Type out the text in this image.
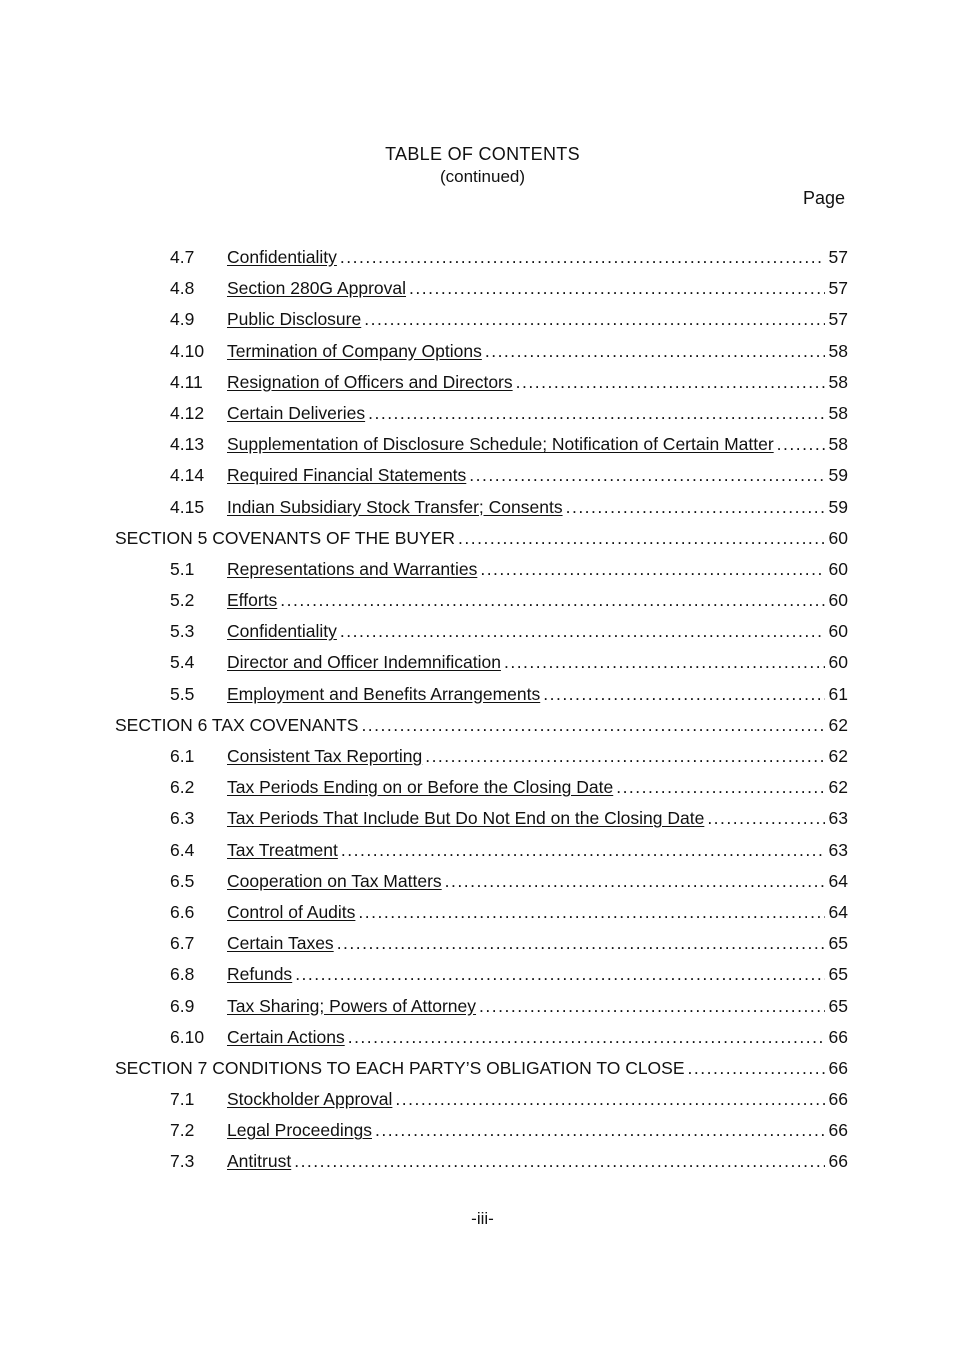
TABLE OF CONTENTS
(continued)
Page
4.7	Confidentiality .....	57
4.8	Section 280G Approval .....	57
4.9	Public Disclosure .....	57
4.10	Termination of Company Options .....	58
4.11	Resignation of Officers and Directors .....	58
4.12	Certain Deliveries .....	58
4.13	Supplementation of Disclosure Schedule; Notification of Certain Matter .....	58
4.14	Required Financial Statements .....	59
4.15	Indian Subsidiary Stock Transfer; Consents .....	59
SECTION 5 COVENANTS OF THE BUYER .....	60
5.1	Representations and Warranties .....	60
5.2	Efforts .....	60
5.3	Confidentiality .....	60
5.4	Director and Officer Indemnification .....	60
5.5	Employment and Benefits Arrangements .....	61
SECTION 6 TAX COVENANTS .....	62
6.1	Consistent Tax Reporting .....	62
6.2	Tax Periods Ending on or Before the Closing Date .....	62
6.3	Tax Periods That Include But Do Not End on the Closing Date .....	63
6.4	Tax Treatment .....	63
6.5	Cooperation on Tax Matters .....	64
6.6	Control of Audits .....	64
6.7	Certain Taxes .....	65
6.8	Refunds .....	65
6.9	Tax Sharing; Powers of Attorney .....	65
6.10	Certain Actions .....	66
SECTION 7 CONDITIONS TO EACH PARTY’S OBLIGATION TO CLOSE .....	66
7.1	Stockholder Approval .....	66
7.2	Legal Proceedings .....	66
7.3	Antitrust .....	66
-iii-
